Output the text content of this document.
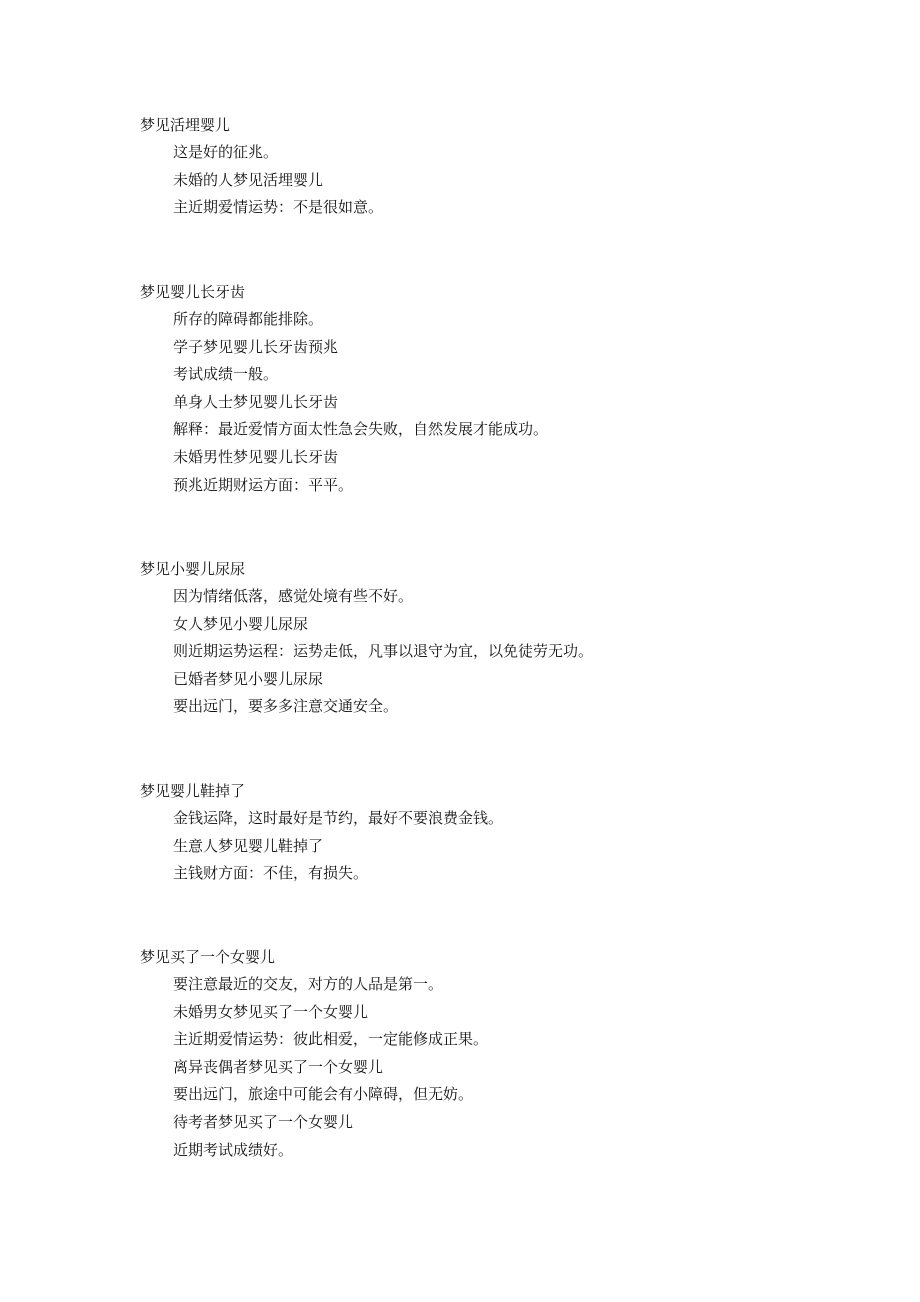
梦见活埋婴儿
这是好的征兆。
未婚的人梦见活埋婴儿
主近期爱情运势：不是很如意。
梦见婴儿长牙齿
所存的障碍都能排除。
学子梦见婴儿长牙齿预兆
考试成绩一般。
单身人士梦见婴儿长牙齿
解释：最近爱情方面太性急会失败，自然发展才能成功。
未婚男性梦见婴儿长牙齿
预兆近期财运方面：平平。
梦见小婴儿尿尿
因为情绪低落，感觉处境有些不好。
女人梦见小婴儿尿尿
则近期运势运程：运势走低，凡事以退守为宜，以免徒劳无功。
已婚者梦见小婴儿尿尿
要出远门，要多多注意交通安全。
梦见婴儿鞋掉了
金钱运降，这时最好是节约，最好不要浪费金钱。
生意人梦见婴儿鞋掉了
主钱财方面：不佳，有损失。
梦见买了一个女婴儿
要注意最近的交友，对方的人品是第一。
未婚男女梦见买了一个女婴儿
主近期爱情运势：彼此相爱，一定能修成正果。
离异丧偶者梦见买了一个女婴儿
要出远门，旅途中可能会有小障碍，但无妨。
待考者梦见买了一个女婴儿
近期考试成绩好。
